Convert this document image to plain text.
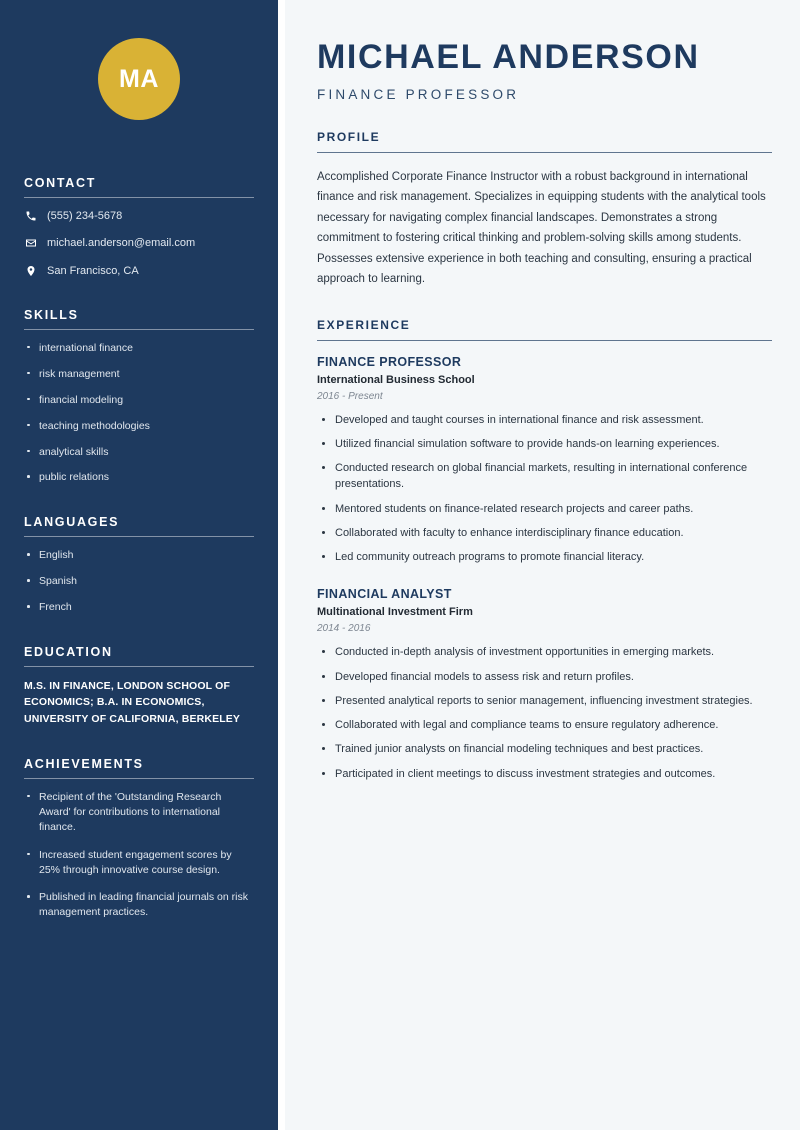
MA
CONTACT
(555) 234-5678
michael.anderson@email.com
San Francisco, CA
SKILLS
international finance
risk management
financial modeling
teaching methodologies
analytical skills
public relations
LANGUAGES
English
Spanish
French
EDUCATION
M.S. IN FINANCE, LONDON SCHOOL OF ECONOMICS; B.A. IN ECONOMICS, UNIVERSITY OF CALIFORNIA, BERKELEY
ACHIEVEMENTS
Recipient of the 'Outstanding Research Award' for contributions to international finance.
Increased student engagement scores by 25% through innovative course design.
Published in leading financial journals on risk management practices.
MICHAEL ANDERSON
FINANCE PROFESSOR
PROFILE

Accomplished Corporate Finance Instructor with a robust background in international finance and risk management. Specializes in equipping students with the analytical tools necessary for navigating complex financial landscapes. Demonstrates a strong commitment to fostering critical thinking and problem-solving skills among students. Possesses extensive experience in both teaching and consulting, ensuring a practical approach to learning.

EXPERIENCE
FINANCE PROFESSOR
International Business School
2016 - Present
Developed and taught courses in international finance and risk assessment.
Utilized financial simulation software to provide hands-on learning experiences.
Conducted research on global financial markets, resulting in international conference presentations.
Mentored students on finance-related research projects and career paths.
Collaborated with faculty to enhance interdisciplinary finance education.
Led community outreach programs to promote financial literacy.
FINANCIAL ANALYST
Multinational Investment Firm
2014 - 2016
Conducted in-depth analysis of investment opportunities in emerging markets.
Developed financial models to assess risk and return profiles.
Presented analytical reports to senior management, influencing investment strategies.
Collaborated with legal and compliance teams to ensure regulatory adherence.
Trained junior analysts on financial modeling techniques and best practices.
Participated in client meetings to discuss investment strategies and outcomes.
